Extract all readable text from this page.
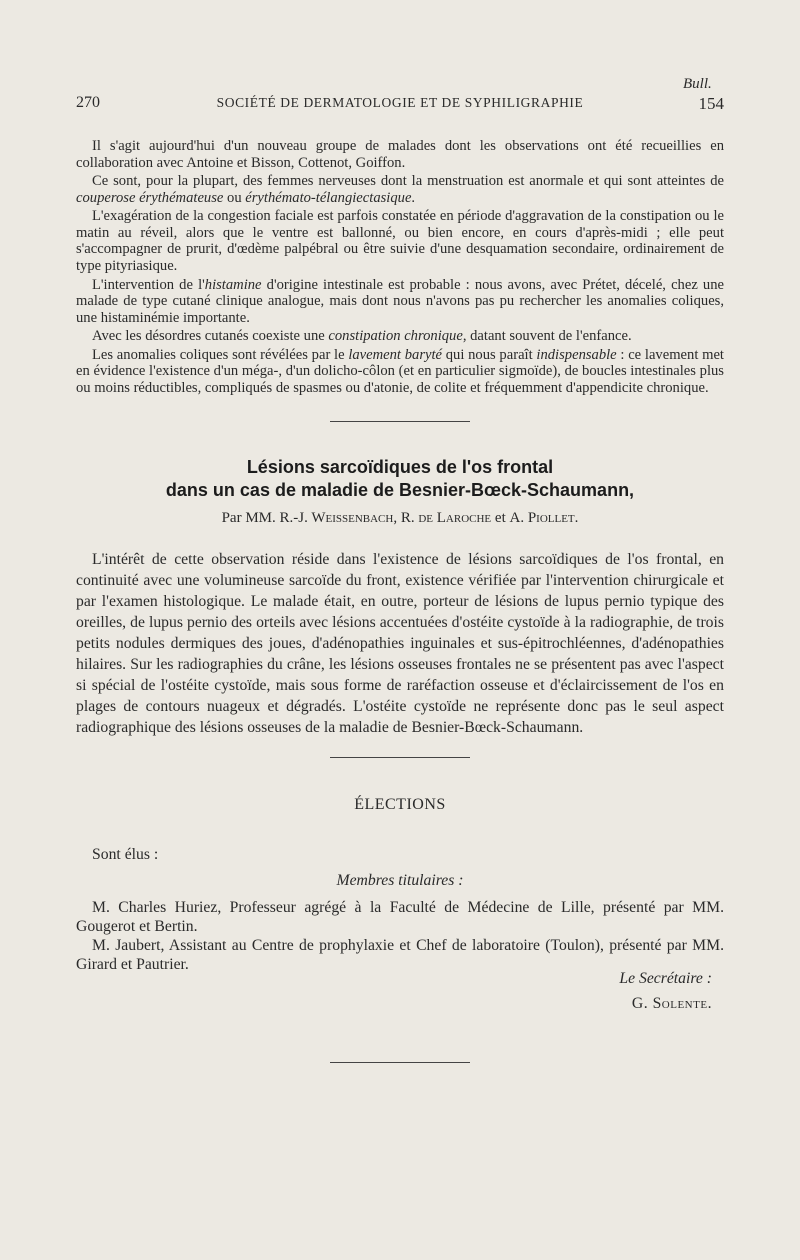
Bull.
270	SOCIÉTÉ DE DERMATOLOGIE ET DE SYPHILIGRAPHIE	154

Il s'agit aujourd'hui d'un nouveau groupe de malades dont les observations ont été recueillies en collaboration avec Antoine et Bisson, Cottenot, Goiffon.

Ce sont, pour la plupart, des femmes nerveuses dont la menstruation est anormale et qui sont atteintes de couperose érythémateuse ou érythémato-télangiectasique.

L'exagération de la congestion faciale est parfois constatée en période d'aggravation de la constipation ou le matin au réveil, alors que le ventre est ballonné, ou bien encore, en cours d'après-midi ; elle peut s'accompagner de prurit, d'œdème palpébral ou être suivie d'une desquamation secondaire, ordinairement de type pityriasique.

L'intervention de l'histamine d'origine intestinale est probable : nous avons, avec Prétet, décelé, chez une malade de type cutané clinique analogue, mais dont nous n'avons pas pu rechercher les anomalies coliques, une histaminémie importante.

Avec les désordres cutanés coexiste une constipation chronique, datant souvent de l'enfance.

Les anomalies coliques sont révélées par le lavement baryté qui nous paraît indispensable : ce lavement met en évidence l'existence d'un méga-, d'un dolicho-côlon (et en particulier sigmoïde), de boucles intestinales plus ou moins réductibles, compliqués de spasmes ou d'atonie, de colite et fréquemment d'appendicite chronique.

Lésions sarcoïdiques de l'os frontal
dans un cas de maladie de Besnier-Bœck-Schaumann,
Par MM. R.-J. Weissenbach, R. de Laroche et A. Piollet.

L'intérêt de cette observation réside dans l'existence de lésions sarcoïdiques de l'os frontal, en continuité avec une volumineuse sarcoïde du front, existence vérifiée par l'intervention chirurgicale et par l'examen histologique. Le malade était, en outre, porteur de lésions de lupus pernio typique des oreilles, de lupus pernio des orteils avec lésions accentuées d'ostéite cystoïde à la radiographie, de trois petits nodules dermiques des joues, d'adénopathies inguinales et sus-épitrochléennes, d'adénopathies hilaires. Sur les radiographies du crâne, les lésions osseuses frontales ne se présentent pas avec l'aspect si spécial de l'ostéite cystoïde, mais sous forme de raréfaction osseuse et d'éclaircissement de l'os en plages de contours nuageux et dégradés. L'ostéite cystoïde ne représente donc pas le seul aspect radiographique des lésions osseuses de la maladie de Besnier-Bœck-Schaumann.

ÉLECTIONS
Sont élus :
Membres titulaires :

M. Charles Huriez, Professeur agrégé à la Faculté de Médecine de Lille, présenté par MM. Gougerot et Bertin.

M. Jaubert, Assistant au Centre de prophylaxie et Chef de laboratoire (Toulon), présenté par MM. Girard et Pautrier.

Le Secrétaire :
G. Solente.
